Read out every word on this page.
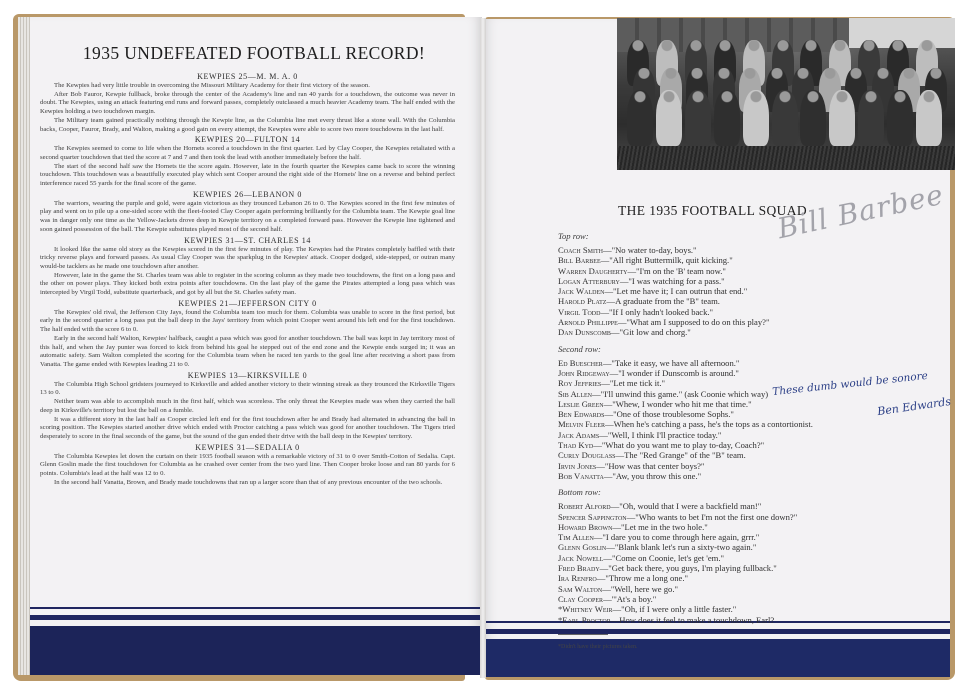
1935 UNDEFEATED FOOTBALL RECORD!
KEWPIES 25—M. M. A. 0

The Kewpies had very little trouble in overcoming the Missouri Military Academy for their first victory of the season.

After Bob Fauror, Kewpie fullback, broke through the center of the Academy's line and ran 40 yards for a touchdown, the outcome was never in doubt. The Kewpies, using an attack featuring end runs and forward passes, completely outclassed a much heavier Academy team. The half ended with the Kewpies holding a two touchdown margin.

The Military team gained practically nothing through the Kewpie line, as the Columbia line met every thrust like a stone wall. With the Columbia backs, Cooper, Fauror, Brady, and Walton, making a good gain on every attempt, the Kewpies were able to score two more touchdowns in the last half.

KEWPIES 20—FULTON 14

The Kewpies seemed to come to life when the Hornets scored a touchdown in the first quarter. Led by Clay Cooper, the Kewpies retaliated with a second quarter touchdown that tied the score at 7 and 7 and then took the lead with another immediately before the half.

The start of the second half saw the Hornets tie the score again. However, late in the fourth quarter the Kewpies came back to score the winning touchdown. This touchdown was a beautifully executed play which sent Cooper around the right side of the Hornets' line on a reverse and behind perfect interference raced 55 yards for the final score of the game.

KEWPIES 26—LEBANON 0

The warriors, wearing the purple and gold, were again victorious as they trounced Lebanon 26 to 0. The Kewpies scored in the first few minutes of play and went on to pile up a one-sided score with the fleet-footed Clay Cooper again performing brilliantly for the Columbia team. The Kewpie goal line was in danger only one time as the Yellow-Jackets drove deep in Kewpie territory on a completed forward pass. However the Kewpie line tightened and soon gained possession of the ball. The Kewpie substitutes played most of the second half.

KEWPIES 31—ST. CHARLES 14

It looked like the same old story as the Kewpies scored in the first few minutes of play. The Kewpies had the Pirates completely baffled with their tricky reverse plays and forward passes. As usual Clay Cooper was the sparkplug in the Kewpies' attack. Cooper dodged, side-stepped, or outran many would-be tacklers as he made one touchdown after another.

However, late in the game the St. Charles team was able to register in the scoring column as they made two touchdowns, the first on a long pass and the other on power plays. They kicked both extra points after touchdowns. On the last play of the game the Pirates attempted a long pass which was intercepted by Virgil Todd, substitute quarterback, and got by all but the St. Charles safety man.

KEWPIES 21—JEFFERSON CITY 0

The Kewpies' old rival, the Jefferson City Jays, found the Columbia team too much for them. Columbia was unable to score in the first period, but early in the second quarter a long pass put the ball deep in the Jays' territory from which point Cooper went around his left end for the first touchdown. The half ended with the score 6 to 0.

Early in the second half Walton, Kewpies' halfback, caught a pass which was good for another touchdown. The ball was kept in Jay territory most of this half, and when the Jay punter was forced to kick from behind his goal he stepped out of the end zone and the Kewpie ends surged in; it was an automatic safety. Sam Walton completed the scoring for the Columbia team when he raced ten yards to the goal line after receiving a short pass from Vanatta. The game ended with Kewpies leading 21 to 0.

KEWPIES 13—KIRKSVILLE 0

The Columbia High School gridsters journeyed to Kirksville and added another victory to their winning streak as they trounced the Kirksville Tigers 13 to 0.

Neither team was able to accomplish much in the first half, which was scoreless. The only threat the Kewpies made was when they carried the ball deep in Kirksville's territory but lost the ball on a fumble.

It was a different story in the last half as Cooper circled left end for the first touchdown after he and Brady had alternated in advancing the ball in scoring position. The Kewpies started another drive which ended with Proctor catching a pass which was good for another touchdown. The Tigers tried desperately to score in the final seconds of the game, but the sound of the gun ended their drive with the ball deep in the Kewpies' territory.

KEWPIES 31—SEDALIA 0

The Columbia Kewpies let down the curtain on their 1935 football season with a remarkable victory of 31 to 0 over Smith-Cotton of Sedalia. Capt. Glenn Goslin made the first touchdown for Columbia as he crashed over center from the two yard line. Then Cooper broke loose and ran 80 yards for 6 points. Columbia's lead at the half was 12 to 0.

In the second half Vanatta, Brown, and Brady made touchdowns that ran up a larger score than that of any previous encounter of the two schools.

THE 1935 FOOTBALL SQUAD
Top row:
Coach Smith—"No water to-day, boys."
Bill Barbee—"All right Buttermilk, quit kicking."
Warren Daugherty—"I'm on the 'B' team now."
Logan Atterbury—"I was watching for a pass."
Jack Walden—"Let me have it; I can outrun that end."
Harold Platz—A graduate from the "B" team.
Virgil Todd—"If I only hadn't looked back."
Arnold Phillippe—"What am I supposed to do on this play?"
Dan Dunscomb—"Git low and chorg."
Second row:
Ed Buescher—"Take it easy, we have all afternoon."
John Ridgeway—"I wonder if Dunscomb is around."
Roy Jeffries—"Let me tick it."
Sib Allen—"I'll unwind this game." (ask Coonie which way)
Leslie Green—"Whew, I wonder who hit me that time."
Ben Edwards—"One of those troublesome Sophs."
Melvin Fleer—When he's catching a pass, he's the tops as a contortionist.
Jack Adams—"Well, I think I'll practice today."
Thad Kyd—"What do you want me to play to-day, Coach?"
Curly Douglass—The "Red Grange" of the "B" team.
Irvin Jones—"How was that center boys?"
Bob Vanatta—"Aw, you throw this one."
Bottom row:
Robert Alford—"Oh, would that I were a backfield man!"
Spencer Sappington—"Who wants to bet I'm not the first one down?"
Howard Brown—"Let me in the two hole."
Tim Allen—"I dare you to come through here again, grrr."
Glenn Goslin—"Blank blank let's run a sixty-two again."
Jack Nowell—"Come on Coonie, let's get 'em."
Fred Brady—"Get back there, you guys, I'm playing fullback."
Ira Renfro—"Throw me a long one."
Sam Walton—"Well, here we go."
Clay Cooper—"'At's a boy."
*Whitney Weir—"Oh, if I were only a little faster."
*Earl Proctor—How does it feel to make a touchdown, Earl?
*Didn't have their pictures taken.
Bill Barbee
These dumb would be sonore
Ben Edwards
